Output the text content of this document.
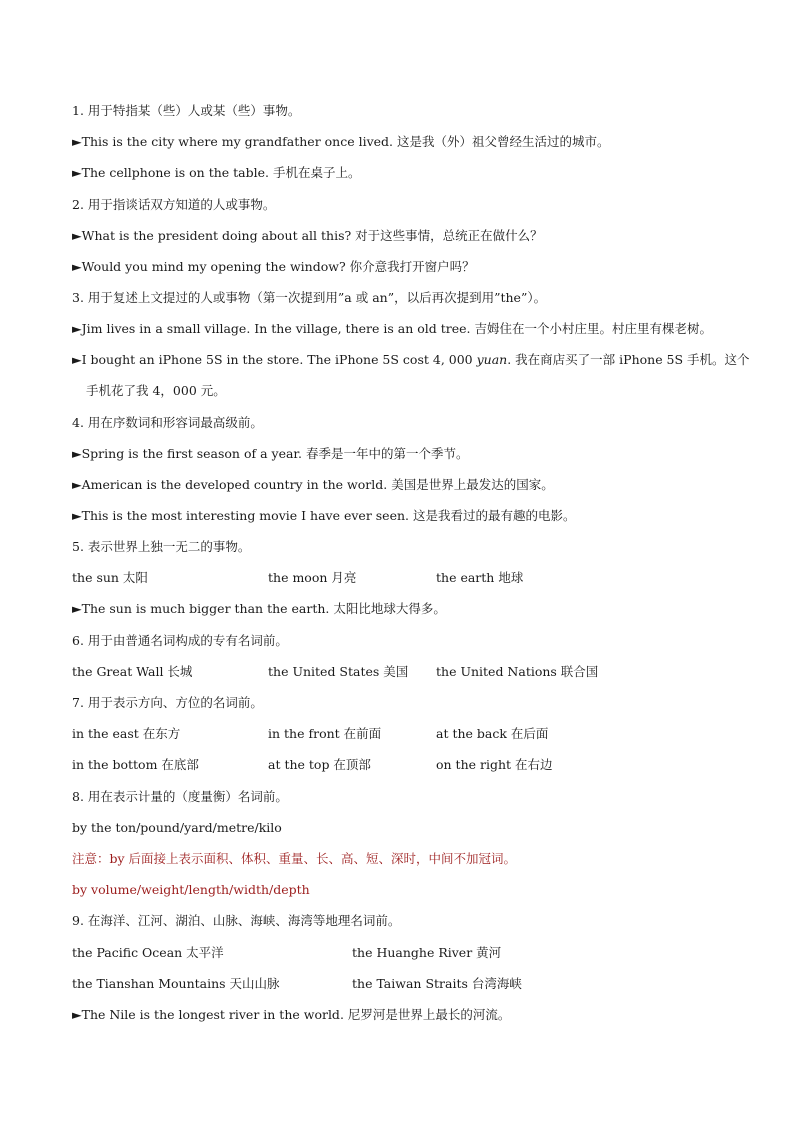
1. 用于特指某（些）人或某（些）事物。
►This is the city where my grandfather once lived. 这是我（外）祖父曾经生活过的城市。
►The cellphone is on the table. 手机在桌子上。
2. 用于指谈话双方知道的人或事物。
►What is the president doing about all this? 对于这些事情，总统正在做什么？
►Would you mind my opening the window? 你介意我打开窗户吗？
3. 用于复述上文提过的人或事物（第一次提到用”a 或 an”，以后再次提到用”the”）。
►Jim lives in a small village. In the village, there is an old tree. 吉姆住在一个小村庄里。村庄里有棵老树。
►I bought an iPhone 5S in the store. The iPhone 5S cost 4, 000 yuan. 我在商店买了一部 iPhone 5S 手机。这个
手机花了我 4，000 元。
4. 用在序数词和形容词最高级前。
►Spring is the first season of a year. 春季是一年中的第一个季节。
►American is the developed country in the world. 美国是世界上最发达的国家。
►This is the most interesting movie I have ever seen. 这是我看过的最有趣的电影。
5. 表示世界上独一无二的事物。
the sun 太阳	the moon 月亮	the earth 地球
►The sun is much bigger than the earth. 太阳比地球大得多。
6. 用于由普通名词构成的专有名词前。
the Great Wall 长城	the United States 美国 the United Nations 联合国
7. 用于表示方向、方位的名词前。
in the east 在东方	in the front 在前面	at the back 在后面
in the bottom 在底部	at the top 在顶部	on the right 在右边
8. 用在表示计量的（度量衡）名词前。
by the ton/pound/yard/metre/kilo
注意：by 后面接上表示面积、体积、重量、长、高、短、深时，中间不加冠词。
by volume/weight/length/width/depth
9. 在海洋、江河、湖泊、山脉、海峡、海湾等地理名词前。
the Pacific Ocean 太平洋	the Huanghe River 黄河
the Tianshan Mountains 天山山脉	the Taiwan Straits 台湾海峡
►The Nile is the longest river in the world. 尼罗河是世界上最长的河流。
